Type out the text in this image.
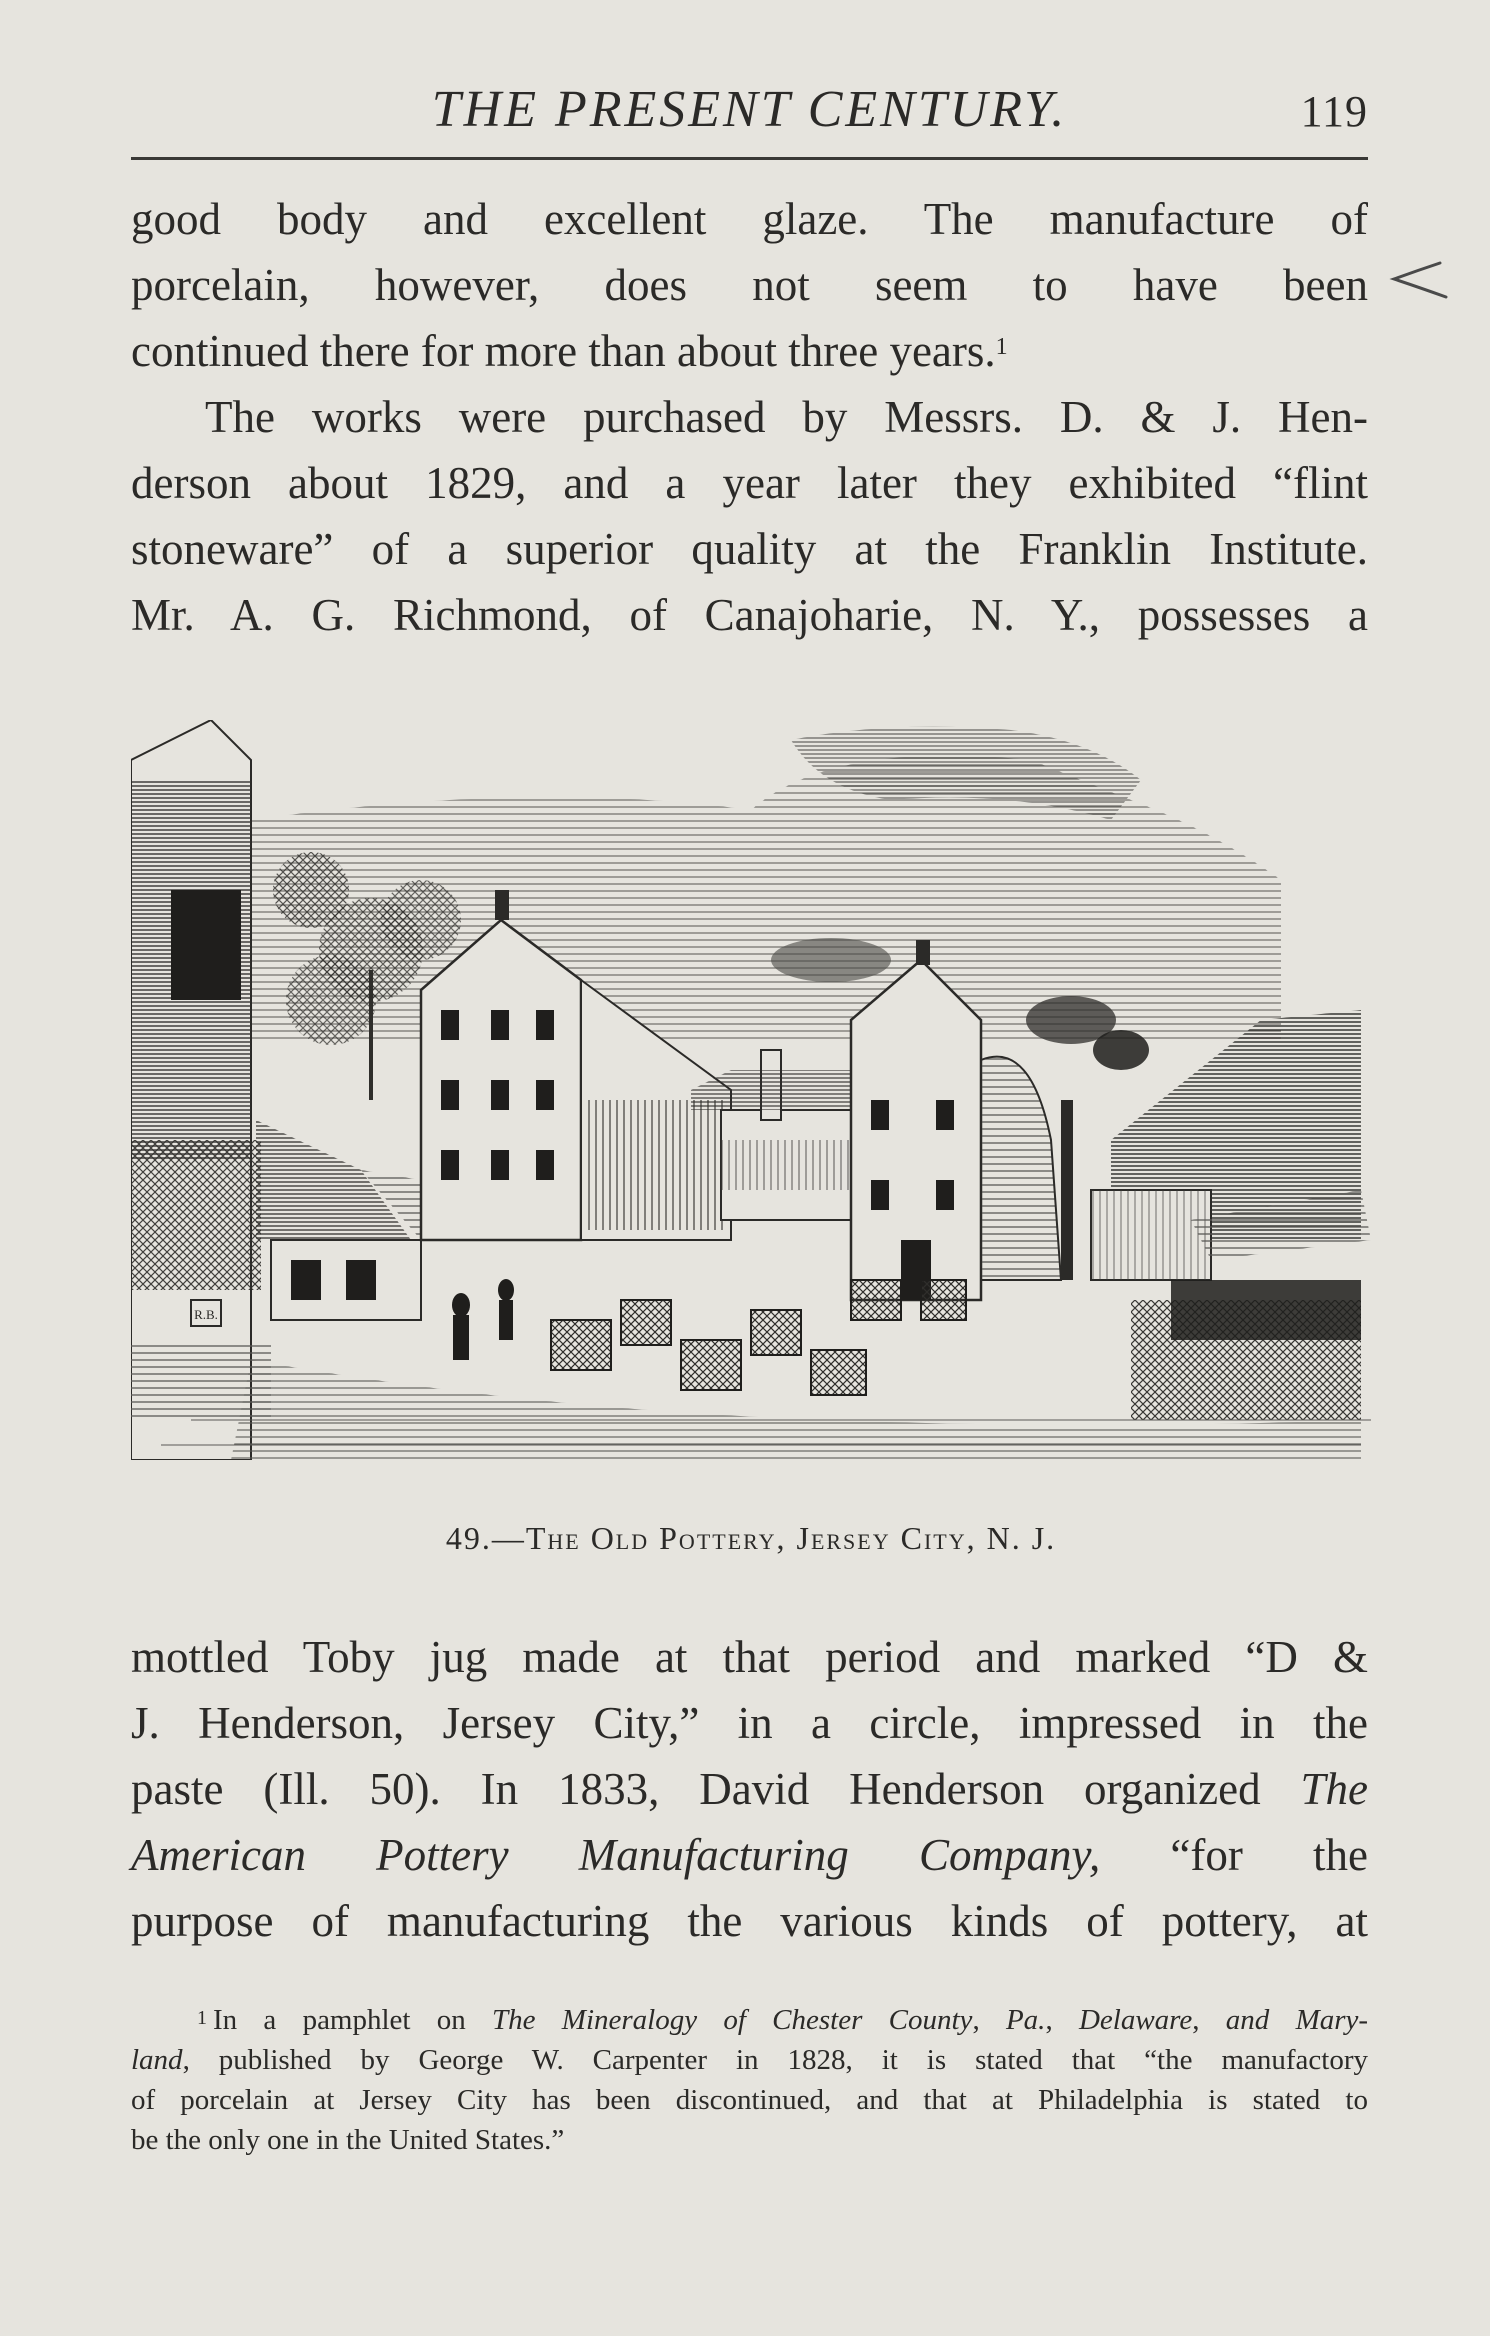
THE PRESENT CENTURY.	119
good body and excellent glaze. The manufacture of
porcelain, however, does not seem to have been
continued there for more than about three years.$^1$
The works were purchased by Messrs. D. & J. Hen-
derson about 1829, and a year later they exhibited “flint
stoneware” of a superior quality at the Franklin Institute.
Mr. A. G. Richmond, of Canajoharie, N. Y., possesses a
R.B.
49.—The Old Pottery, Jersey City, N. J.
mottled Toby jug made at that period and marked “D &
J. Henderson, Jersey City,” in a circle, impressed in the
paste (Ill. 50). In 1833, David Henderson organized The
American Pottery Manufacturing Company, “for the
purpose of manufacturing the various kinds of pottery, at
$^1$ In a pamphlet on The Mineralogy of Chester County, Pa., Delaware, and Mary-
land, published by George W. Carpenter in 1828, it is stated that “the manufactory
of porcelain at Jersey City has been discontinued, and that at Philadelphia is stated to
be the only one in the United States.”
